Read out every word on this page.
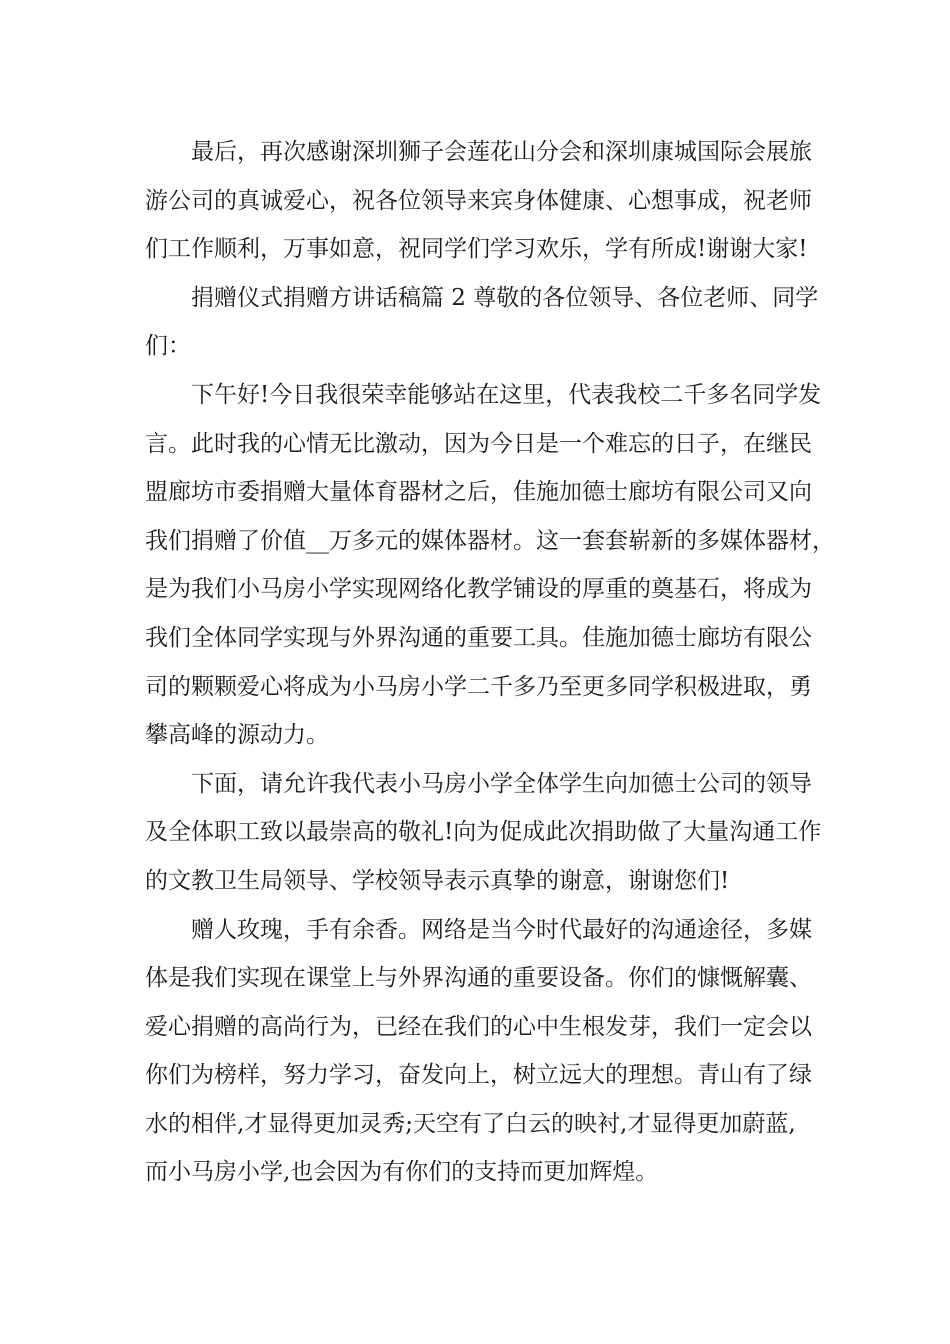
最后，再次感谢深圳狮子会莲花山分会和深圳康城国际会展旅
游公司的真诚爱心，祝各位领导来宾身体健康、心想事成，祝老师
们工作顺利，万事如意，祝同学们学习欢乐，学有所成!谢谢大家!

捐赠仪式捐赠方讲话稿篇 2 尊敬的各位领导、各位老师、同学
们：

下午好!今日我很荣幸能够站在这里，代表我校二千多名同学发
言。此时我的心情无比激动，因为今日是一个难忘的日子，在继民
盟廊坊市委捐赠大量体育器材之后，佳施加德士廊坊有限公司又向
我们捐赠了价值__万多元的媒体器材。这一套套崭新的多媒体器材，
是为我们小马房小学实现网络化教学铺设的厚重的奠基石，将成为
我们全体同学实现与外界沟通的重要工具。佳施加德士廊坊有限公
司的颗颗爱心将成为小马房小学二千多乃至更多同学积极进取，勇
攀高峰的源动力。

下面，请允许我代表小马房小学全体学生向加德士公司的领导
及全体职工致以最崇高的敬礼!向为促成此次捐助做了大量沟通工作
的文教卫生局领导、学校领导表示真挚的谢意，谢谢您们!

赠人玫瑰，手有余香。网络是当今时代最好的沟通途径，多媒
体是我们实现在课堂上与外界沟通的重要设备。你们的慷慨解囊、
爱心捐赠的高尚行为，已经在我们的心中生根发芽，我们一定会以
你们为榜样，努力学习，奋发向上，树立远大的理想。青山有了绿
水的相伴,才显得更加灵秀;天空有了白云的映衬,才显得更加蔚蓝,
而小马房小学,也会因为有你们的支持而更加辉煌。
